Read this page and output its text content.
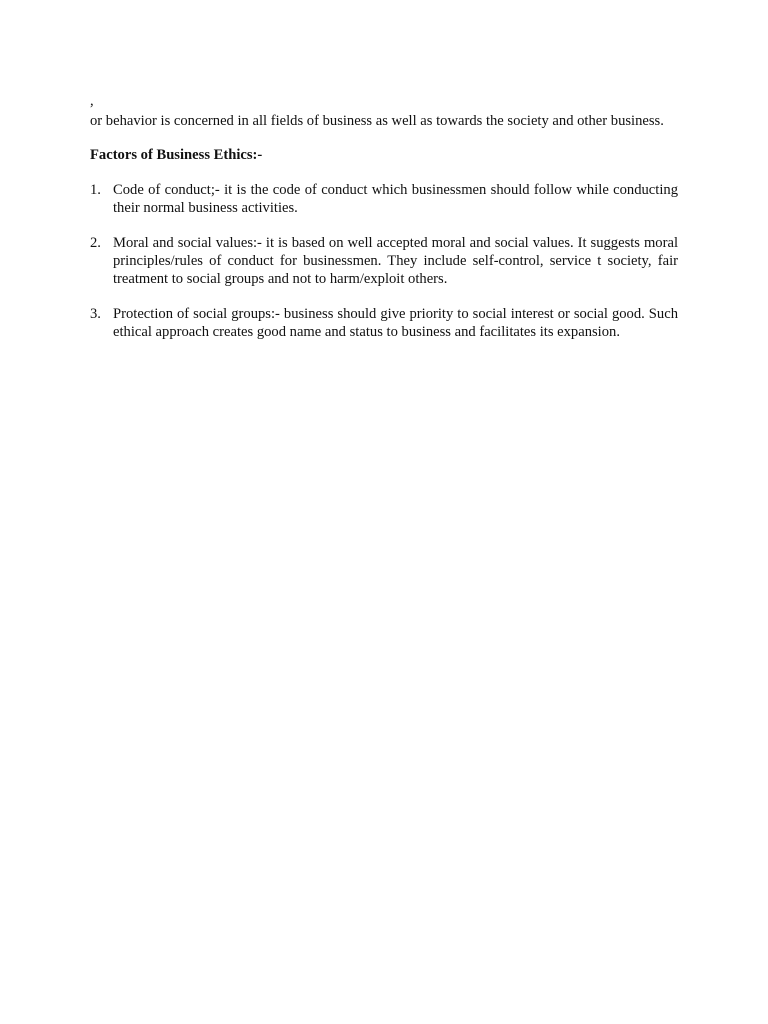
,

or behavior is concerned in all fields of business as well as towards the society and other business.

Factors of Business Ethics:-

1. Code of conduct;- it is the code of conduct which businessmen should follow while conducting their normal business activities.
2. Moral and social values:- it is based on well accepted moral and social values. It suggests moral principles/rules of conduct for businessmen. They include self-control, service t society, fair treatment to social groups and not to harm/exploit others.
3. Protection of social groups:- business should give priority to social interest or social good. Such ethical approach creates good name and status to business and facilitates its expansion.
